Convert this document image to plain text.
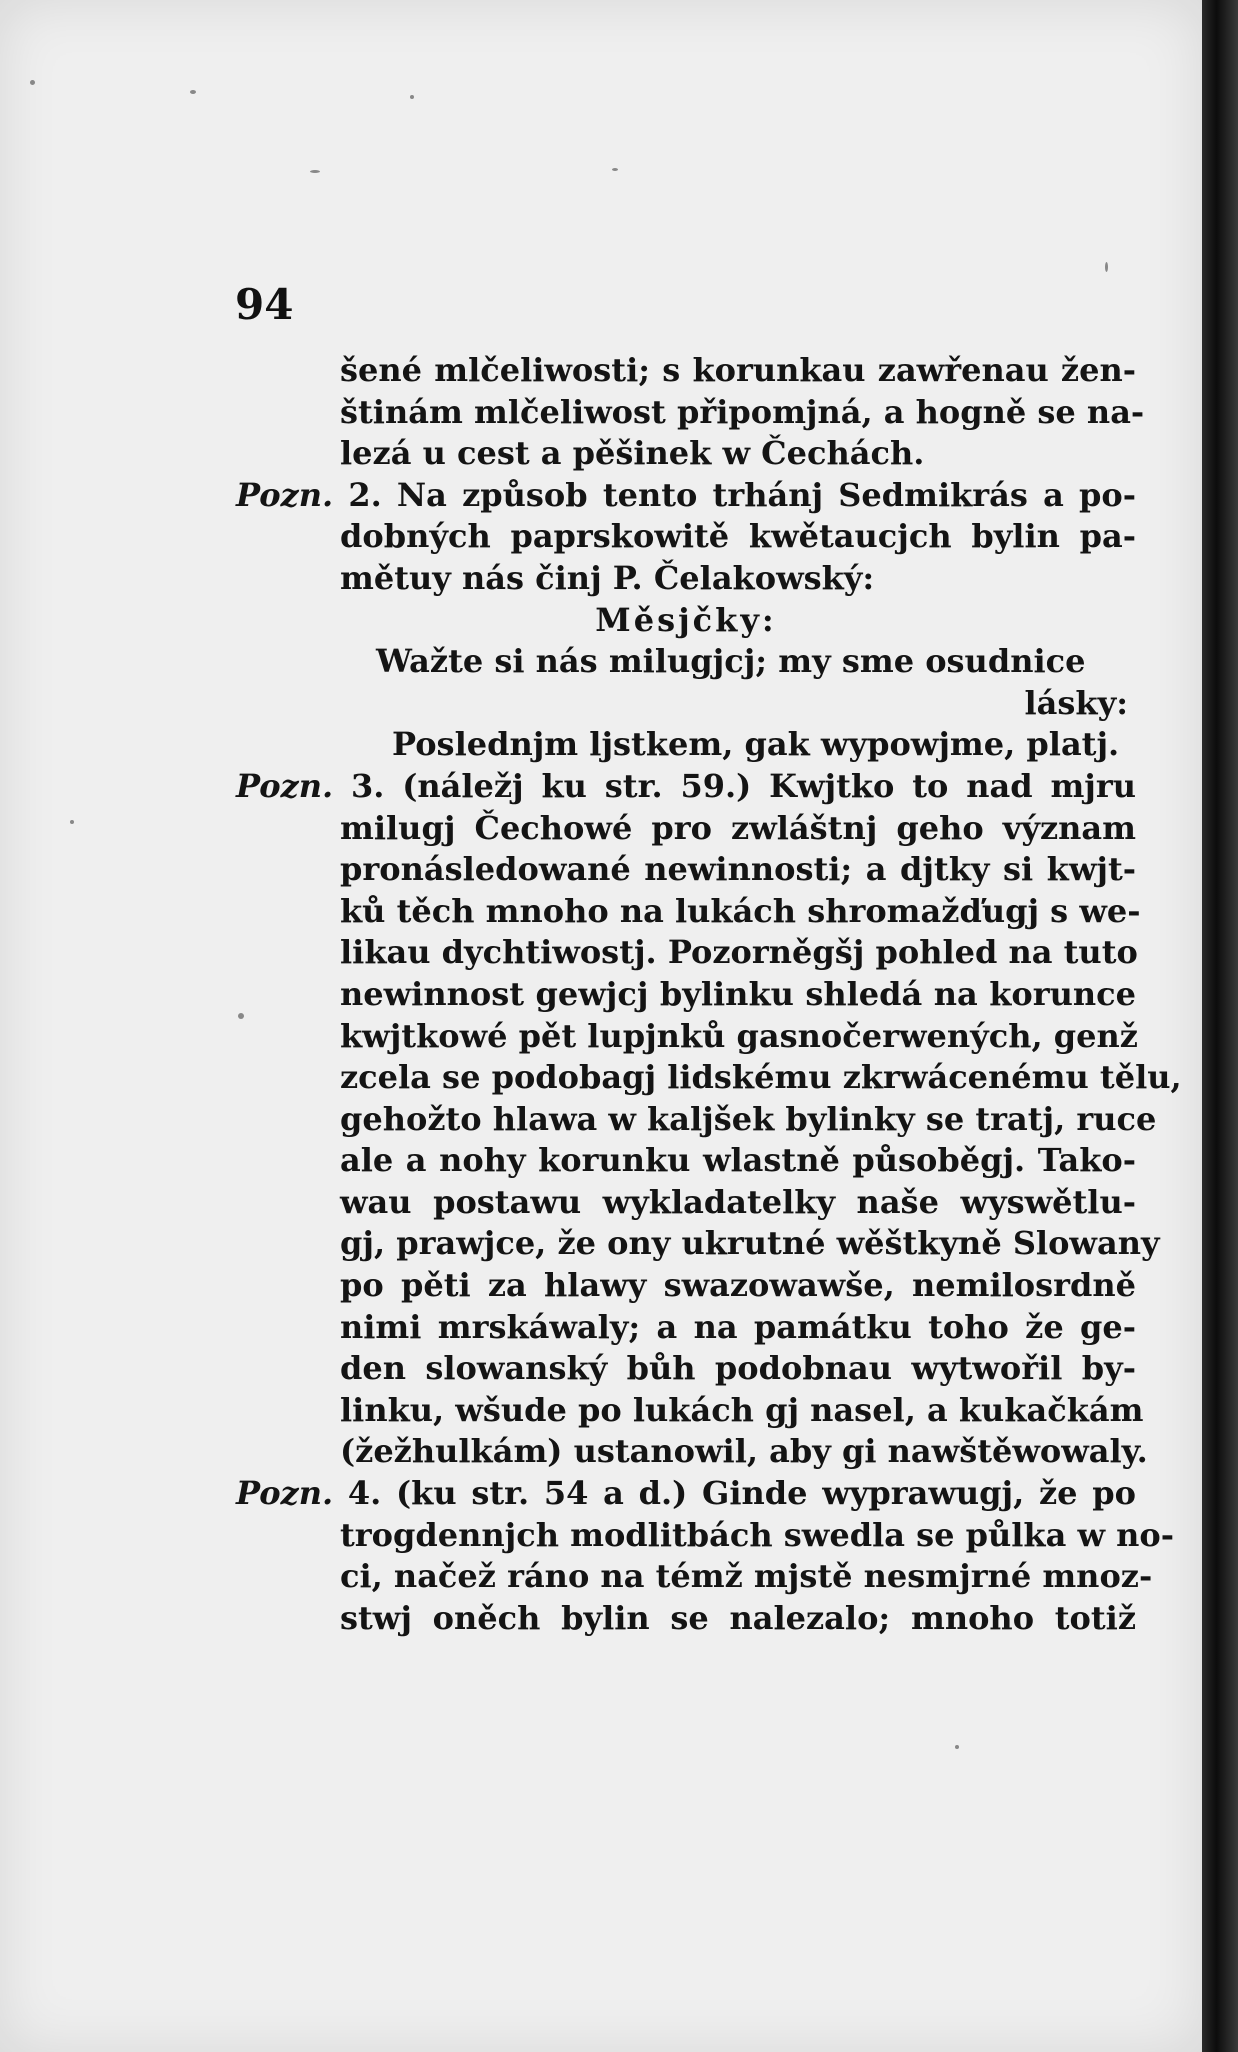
94
šené mlčeliwosti; s korunkau zawřenau žen-
štinám mlčeliwost připomjná, a hogně se na-
lezá u cest a pěšinek w Čechách.
Pozn. 2. Na způsob tento trhánj Sedmikrás a po-
dobných paprskowitě kwětaucjch bylin pa-
mětuy nás činj P. Čelakowský:
Měsjčky:
Wažte si nás milugjcj; my sme osudnice
lásky:
Poslednjm ljstkem, gak wypowjme, platj.
Pozn. 3. (náležj ku str. 59.) Kwjtko to nad mjru
milugj Čechowé pro zwláštnj geho význam
pronásledowané newinnosti; a djtky si kwjt-
ků těch mnoho na lukách shromažďugj s we-
likau dychtiwostj. Pozorněgšj pohled na tuto
newinnost gewjcj bylinku shledá na korunce
kwjtkowé pět lupjnků gasnočerwených, genž
zcela se podobagj lidskému zkrwácenému tělu,
gehožto hlawa w kaljšek bylinky se tratj, ruce
ale a nohy korunku wlastně působěgj. Tako-
wau postawu wykladatelky naše wyswětlu-
gj, prawjce, že ony ukrutné wěštkyně Slowany
po pěti za hlawy swazowawše, nemilosrdně
nimi mrskáwaly; a na památku toho že ge-
den slowanský bůh podobnau wytwořil by-
linku, wšude po lukách gj nasel, a kukačkám
(žežhulkám) ustanowil, aby gi nawštěwowaly.
Pozn. 4. (ku str. 54 a d.) Ginde wyprawugj, že po
trogdennjch modlitbách swedla se půlka w no-
ci, načež ráno na témž mjstě nesmjrné mnoz-
stwj oněch bylin se nalezalo; mnoho totiž
